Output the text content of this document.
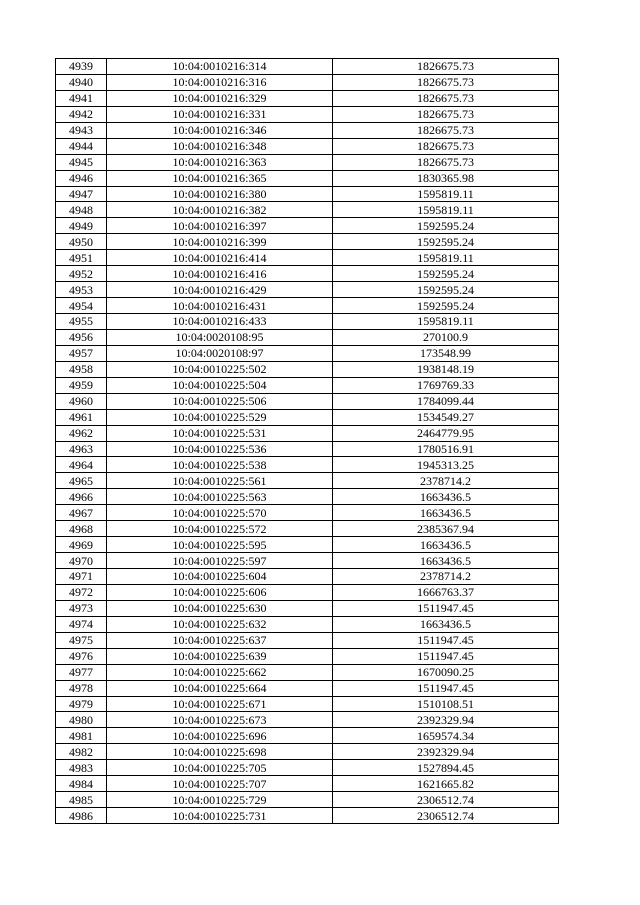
4939	10:04:0010216:314	1826675.73
4940	10:04:0010216:316	1826675.73
4941	10:04:0010216:329	1826675.73
4942	10:04:0010216:331	1826675.73
4943	10:04:0010216:346	1826675.73
4944	10:04:0010216:348	1826675.73
4945	10:04:0010216:363	1826675.73
4946	10:04:0010216:365	1830365.98
4947	10:04:0010216:380	1595819.11
4948	10:04:0010216:382	1595819.11
4949	10:04:0010216:397	1592595.24
4950	10:04:0010216:399	1592595.24
4951	10:04:0010216:414	1595819.11
4952	10:04:0010216:416	1592595.24
4953	10:04:0010216:429	1592595.24
4954	10:04:0010216:431	1592595.24
4955	10:04:0010216:433	1595819.11
4956	10:04:0020108:95	270100.9
4957	10:04:0020108:97	173548.99
4958	10:04:0010225:502	1938148.19
4959	10:04:0010225:504	1769769.33
4960	10:04:0010225:506	1784099.44
4961	10:04:0010225:529	1534549.27
4962	10:04:0010225:531	2464779.95
4963	10:04:0010225:536	1780516.91
4964	10:04:0010225:538	1945313.25
4965	10:04:0010225:561	2378714.2
4966	10:04:0010225:563	1663436.5
4967	10:04:0010225:570	1663436.5
4968	10:04:0010225:572	2385367.94
4969	10:04:0010225:595	1663436.5
4970	10:04:0010225:597	1663436.5
4971	10:04:0010225:604	2378714.2
4972	10:04:0010225:606	1666763.37
4973	10:04:0010225:630	1511947.45
4974	10:04:0010225:632	1663436.5
4975	10:04:0010225:637	1511947.45
4976	10:04:0010225:639	1511947.45
4977	10:04:0010225:662	1670090.25
4978	10:04:0010225:664	1511947.45
4979	10:04:0010225:671	1510108.51
4980	10:04:0010225:673	2392329.94
4981	10:04:0010225:696	1659574.34
4982	10:04:0010225:698	2392329.94
4983	10:04:0010225:705	1527894.45
4984	10:04:0010225:707	1621665.82
4985	10:04:0010225:729	2306512.74
4986	10:04:0010225:731	2306512.74
